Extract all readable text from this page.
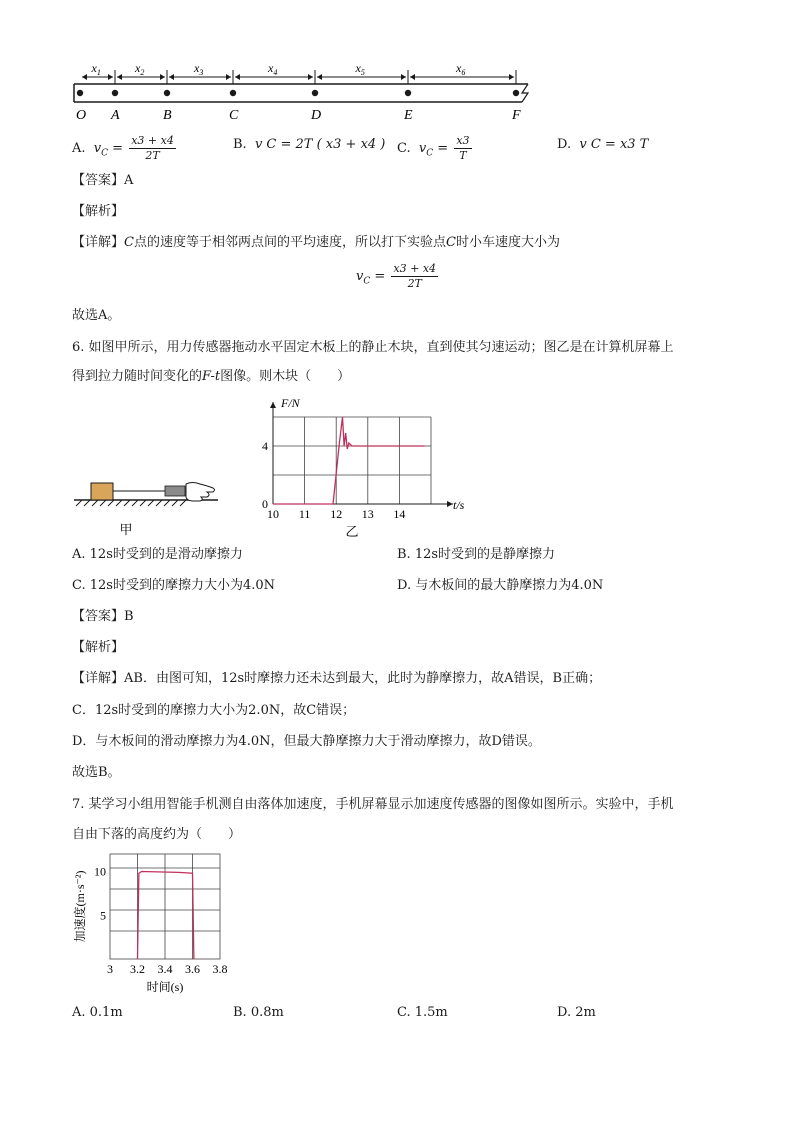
O A	B	C	D	E	F
$x_1$	$x_2$	$x_3$	$x_4$	$x_5$	$x_6$
A. $v_C = \frac{x3 + x4}{2T}$	B. v C = 2T ( x3 + x4 ) C. $v_C = \frac{x3}{T}$	D. v C = x3 T
【答案】A
【解析】
【详解】C点的速度等于相邻两点间的平均速度，所以打下实验点C时小车速度大小为
$v_C = \frac{x3 + x4}{2T}$
故选A。
6. 如图甲所示，用力传感器拖动水平固定木板上的静止木块，直到使其匀速运动；图乙是在计算机屏幕上
得到拉力随时间变化的F-t图像。则木块（　　）
甲
10 11 12 13 14
0
4
t/s
F/N
乙
A. 12s时受到的是滑动摩擦力	B. 12s时受到的是静摩擦力
C. 12s时受到的摩擦力大小为4.0N	D. 与木板间的最大静摩擦力为4.0N
【答案】B
【解析】
【详解】AB．由图可知，12s时摩擦力还未达到最大，此时为静摩擦力，故A错误，B正确；
C．12s时受到的摩擦力大小为2.0N，故C错误；
D．与木板间的滑动摩擦力为4.0N，但最大静摩擦力大于滑动摩擦力，故D错误。
故选B。
7. 某学习小组用智能手机测自由落体加速度，手机屏幕显示加速度传感器的图像如图所示。实验中，手机
自由下落的高度约为（　　）
3 3.2 3.4 3.6 3.8
5
10
时间(s)
加速度(m·s⁻²)
A. 0.1m	B. 0.8m	C. 1.5m	D. 2m
